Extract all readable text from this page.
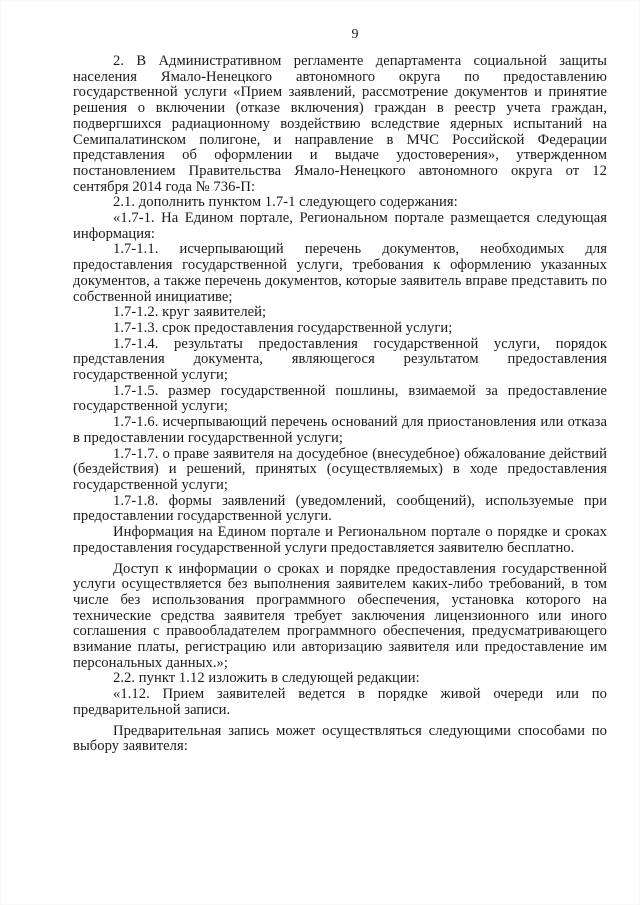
9

2. В Административном регламенте департамента социальной защиты населения Ямало-Ненецкого автономного округа по предоставлению государственной услуги «Прием заявлений, рассмотрение документов и принятие решения о включении (отказе включения) граждан в реестр учета граждан, подвергшихся радиационному воздействию вследствие ядерных испытаний на Семипалатинском полигоне, и направление в МЧС Российской Федерации представления об оформлении и выдаче удостоверения», утвержденном постановлением Правительства Ямало-Ненецкого автономного округа от 12 сентября 2014 года № 736-П:

2.1. дополнить пунктом 1.7-1 следующего содержания:

«1.7-1. На Едином портале, Региональном портале размещается следующая информация:

1.7-1.1. исчерпывающий перечень документов, необходимых для предоставления государственной услуги, требования к оформлению указанных документов, а также перечень документов, которые заявитель вправе представить по собственной инициативе;

1.7-1.2. круг заявителей;

1.7-1.3. срок предоставления государственной услуги;

1.7-1.4. результаты предоставления государственной услуги, порядок представления документа, являющегося результатом предоставления государственной услуги;

1.7-1.5. размер государственной пошлины, взимаемой за предоставление государственной услуги;

1.7-1.6. исчерпывающий перечень оснований для приостановления или отказа в предоставлении государственной услуги;

1.7-1.7. о праве заявителя на досудебное (внесудебное) обжалование действий (бездействия) и решений, принятых (осуществляемых) в ходе предоставления государственной услуги;

1.7-1.8. формы заявлений (уведомлений, сообщений), используемые при предоставлении государственной услуги.

Информация на Едином портале и Региональном портале о порядке и сроках предоставления государственной услуги предоставляется заявителю бесплатно.

Доступ к информации о сроках и порядке предоставления государственной услуги осуществляется без выполнения заявителем каких-либо требований, в том числе без использования программного обеспечения, установка которого на технические средства заявителя требует заключения лицензионного или иного соглашения с правообладателем программного обеспечения, предусматривающего взимание платы, регистрацию или авторизацию заявителя или предоставление им персональных данных.»;

2.2. пункт 1.12 изложить в следующей редакции:

«1.12. Прием заявителей ведется в порядке живой очереди или по предварительной записи.

Предварительная запись может осуществляться следующими способами по выбору заявителя:
